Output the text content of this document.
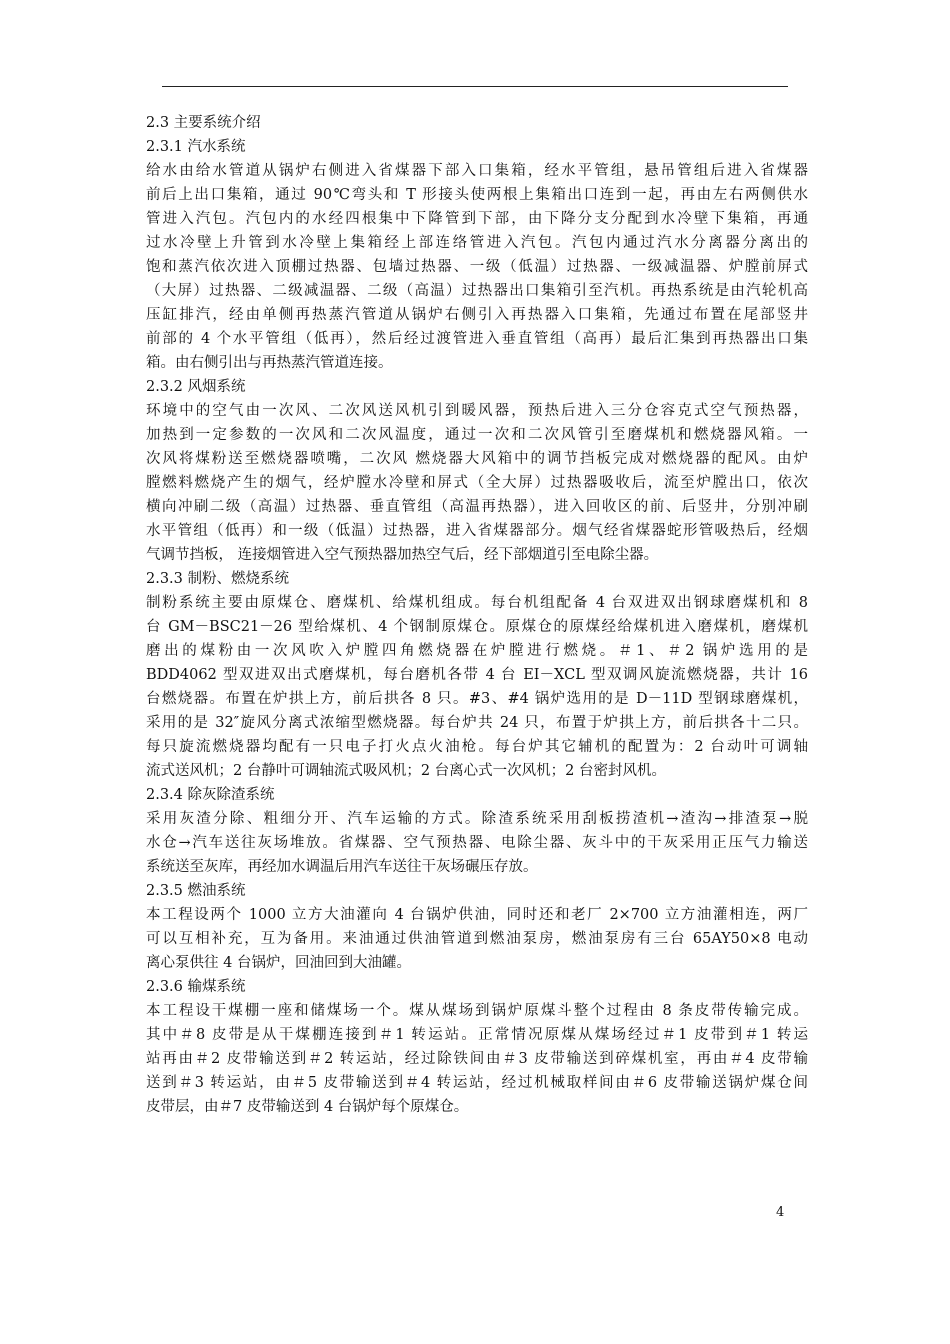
2.3 主要系统介绍
2.3.1 汽水系统
给水由给水管道从锅炉右侧进入省煤器下部入口集箱，经水平管组，悬吊管组后进入省煤器
前后上出口集箱，通过 90℃弯头和 T 形接头使两根上集箱出口连到一起，再由左右两侧供水
管进入汽包。汽包内的水经四根集中下降管到下部，由下降分支分配到水冷壁下集箱，再通
过水冷壁上升管到水冷壁上集箱经上部连络管进入汽包。汽包内通过汽水分离器分离出的
饱和蒸汽依次进入顶棚过热器、包墙过热器、一级（低温）过热器、一级减温器、炉膛前屏式
（大屏）过热器、二级减温器、二级（高温）过热器出口集箱引至汽机。再热系统是由汽轮机高
压缸排汽，经由单侧再热蒸汽管道从锅炉右侧引入再热器入口集箱，先通过布置在尾部竖井
前部的 4 个水平管组（低再），然后经过渡管进入垂直管组（高再）最后汇集到再热器出口集
箱。由右侧引出与再热蒸汽管道连接。
2.3.2 风烟系统
环境中的空气由一次风、二次风送风机引到暖风器，预热后进入三分仓容克式空气预热器，
加热到一定参数的一次风和二次风温度，通过一次和二次风管引至磨煤机和燃烧器风箱。一
次风将煤粉送至燃烧器喷嘴，二次风 燃烧器大风箱中的调节挡板完成对燃烧器的配风。由炉
膛燃料燃烧产生的烟气，经炉膛水冷壁和屏式（全大屏）过热器吸收后，流至炉膛出口，依次
横向冲刷二级（高温）过热器、垂直管组（高温再热器），进入回收区的前、后竖井，分别冲刷
水平管组（低再）和一级（低温）过热器，进入省煤器部分。烟气经省煤器蛇形管吸热后，经烟
气调节挡板， 连接烟管进入空气预热器加热空气后，经下部烟道引至电除尘器。
2.3.3 制粉、燃烧系统
制粉系统主要由原煤仓、磨煤机、给煤机组成。每台机组配备 4 台双进双出钢球磨煤机和 8
台 GM－BSC21－26 型给煤机、4 个钢制原煤仓。原煤仓的原煤经给煤机进入磨煤机，磨煤机
磨出的煤粉由一次风吹入炉膛四角燃烧器在炉膛进行燃烧。＃1、＃2 锅炉选用的是
BDD4062 型双进双出式磨煤机，每台磨机各带 4 台 EI－XCL 型双调风旋流燃烧器，共计 16
台燃烧器。布置在炉拱上方，前后拱各 8 只。#3、#4 锅炉选用的是 D－11D 型钢球磨煤机，
采用的是 32″旋风分离式浓缩型燃烧器。每台炉共 24 只，布置于炉拱上方，前后拱各十二只。
每只旋流燃烧器均配有一只电子打火点火油枪。每台炉其它辅机的配置为：2 台动叶可调轴
流式送风机；2 台静叶可调轴流式吸风机；2 台离心式一次风机；2 台密封风机。
2.3.4 除灰除渣系统
采用灰渣分除、粗细分开、汽车运输的方式。除渣系统采用刮板捞渣机→渣沟→排渣泵→脱
水仓→汽车送往灰场堆放。省煤器、空气预热器、电除尘器、灰斗中的干灰采用正压气力输送
系统送至灰库，再经加水调温后用汽车送往干灰场碾压存放。
2.3.5 燃油系统
本工程设两个 1000 立方大油灌向 4 台锅炉供油，同时还和老厂 2×700 立方油灌相连，两厂
可以互相补充，互为备用。来油通过供油管道到燃油泵房，燃油泵房有三台 65AY50×8 电动
离心泵供往 4 台锅炉，回油回到大油罐。
2.3.6 输煤系统
本工程设干煤棚一座和储煤场一个。煤从煤场到锅炉原煤斗整个过程由 8 条皮带传输完成。
其中＃8 皮带是从干煤棚连接到＃1 转运站。正常情况原煤从煤场经过＃1 皮带到＃1 转运
站再由＃2 皮带输送到＃2 转运站，经过除铁间由＃3 皮带输送到碎煤机室，再由＃4 皮带输
送到＃3 转运站，由＃5 皮带输送到＃4 转运站，经过机械取样间由＃6 皮带输送锅炉煤仓间
皮带层，由＃7 皮带输送到 4 台锅炉每个原煤仓。
4
